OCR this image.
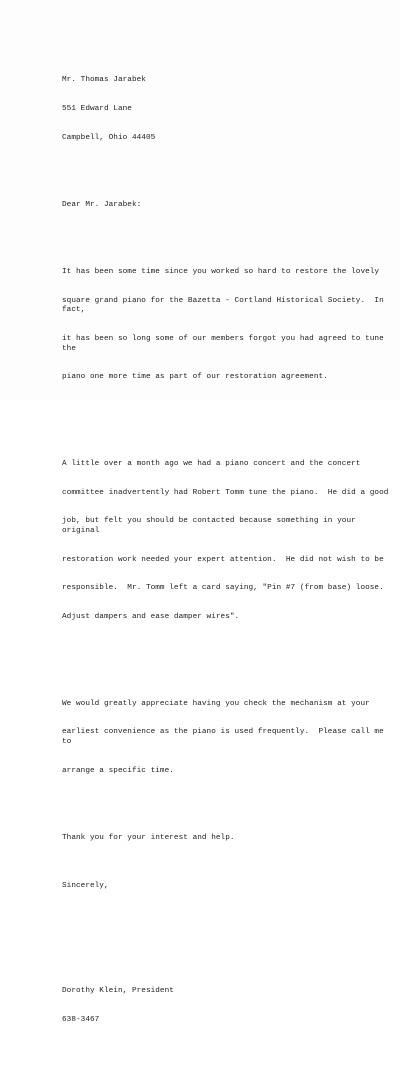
Mr. Thomas Jarabek

551 Edward Lane

Campbell, Ohio 44405

Dear Mr. Jarabek:

It has been some time since you worked so hard to restore the lovely

square grand piano for the Bazetta - Cortland Historical Society.  In fact,

it has been so long some of our members forgot you had agreed to tune the

piano one more time as part of our restoration agreement.

A little over a month ago we had a piano concert and the concert

committee inadvertently had Robert Tomm tune the piano.  He did a good

job, but felt you should be contacted because something in your original

restoration work needed your expert attention.  He did not wish to be

responsible.  Mr. Tomm left a card saying, "Pin #7 (from base) loose.

Adjust dampers and ease damper wires".

We would greatly appreciate having you check the mechanism at your

earliest convenience as the piano is used frequently.  Please call me to

arrange a specific time.

Thank you for your interest and help.

Sincerely,

Dorothy Klein, President

638-3467
